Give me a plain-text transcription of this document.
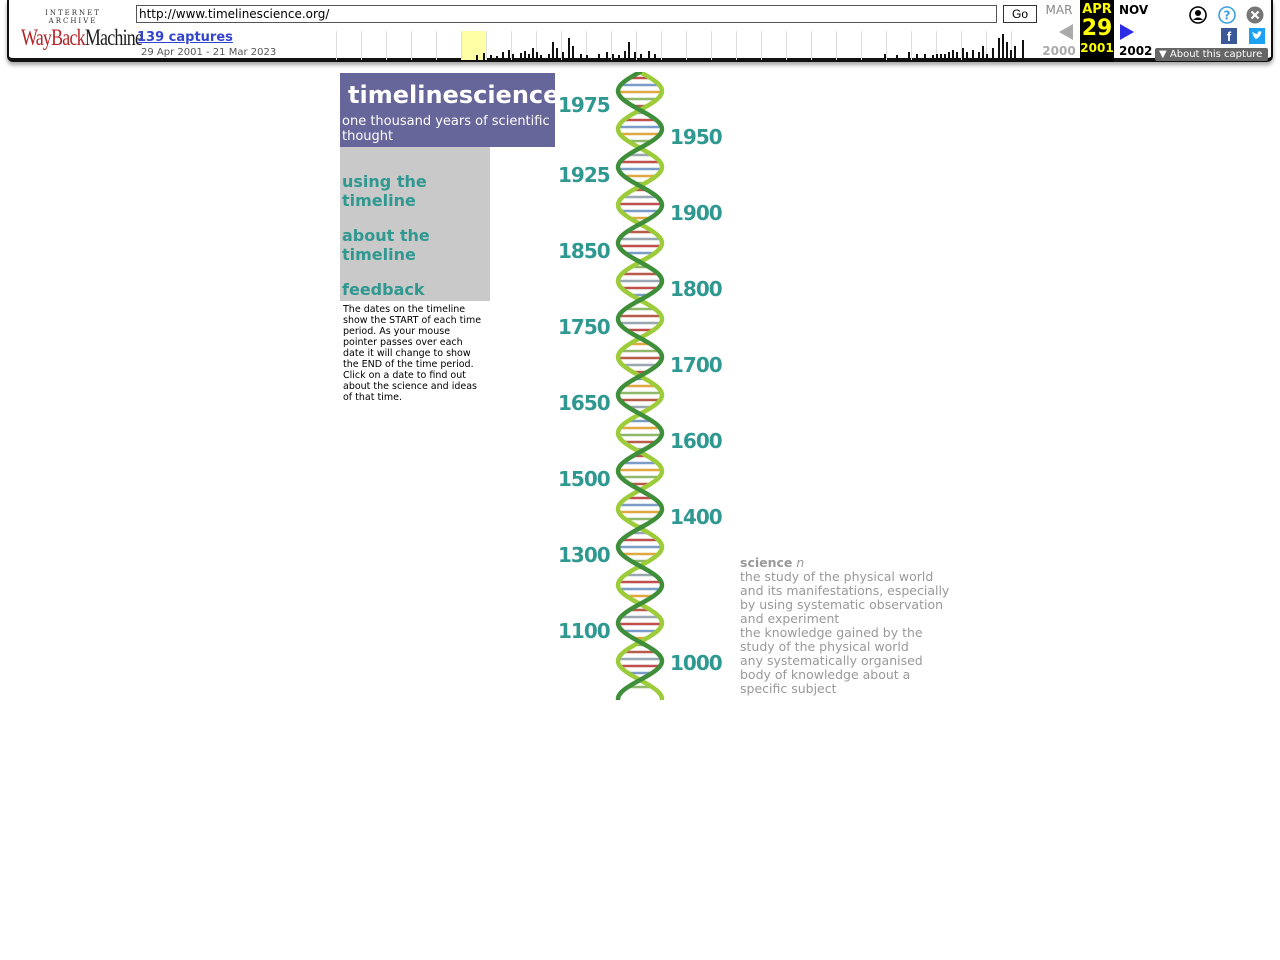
INTERNET ARCHIVE
WayBackMachine
http://www.timelinescience.org/	Go
139 captures
29 Apr 2001 - 21 Mar 2023
MAR
2000
APR
29
2001
NOV
2002
?
f
▼ About this capture
timelinescience
one thousand years of scientific thought
using the timeline
about the timeline
feedback
The dates on the timeline show the START of each time period. As your mouse pointer passes over each date it will change to show the END of the time period. Click on a date to find out about the science and ideas of that time.
1975
1950
1925
1900
1850
1800
1750
1700
1650
1600
1500
1400
1300
1100
1000
science n
the study of the physical world and its manifestations, especially by using systematic observation and experiment
the knowledge gained by the study of the physical world
any systematically organised body of knowledge about a specific subject
